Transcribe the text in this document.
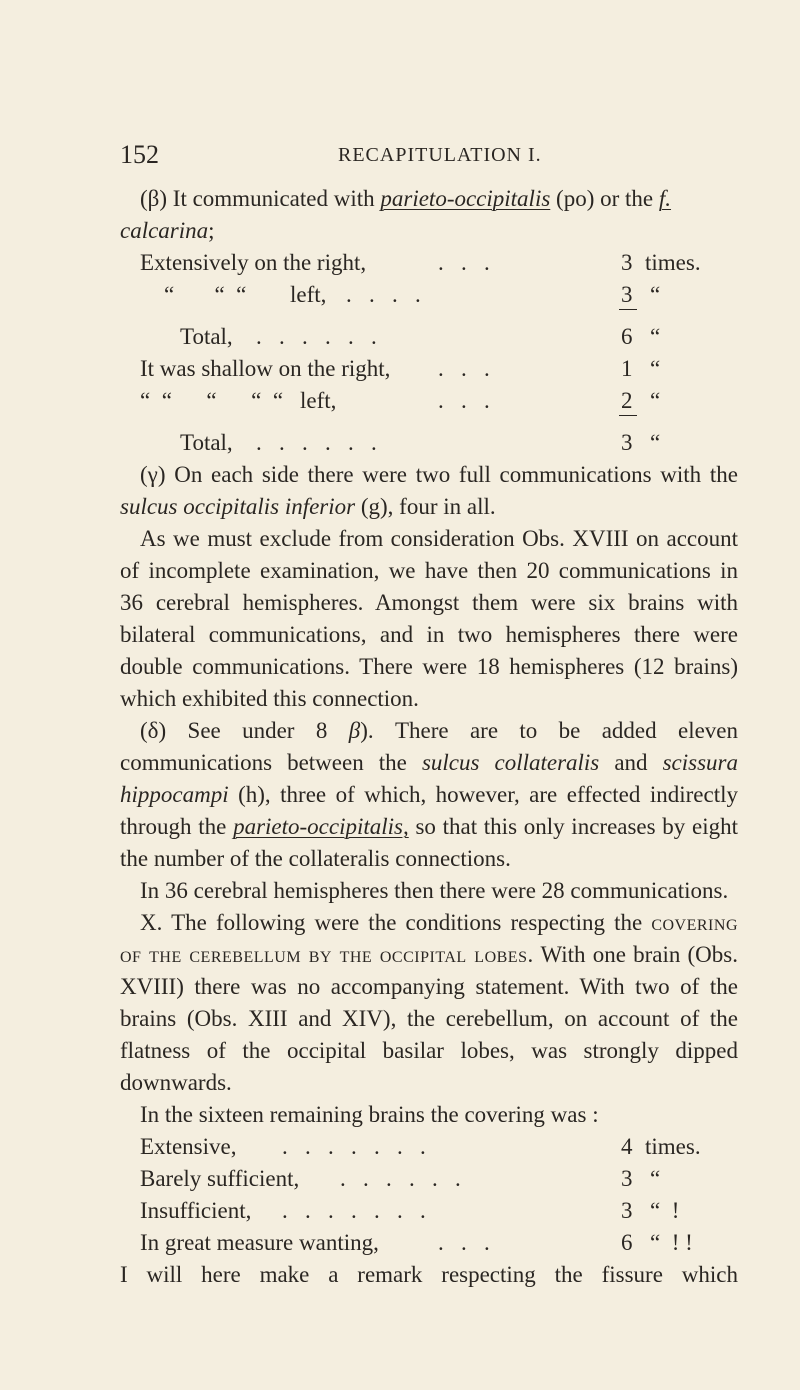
152	RECAPITULATION I.

(β) It communicated with parieto-occipitalis (po) or the f.
calcarina;

Extensively on the right,	.   .   .	3 times.
“       “  “ left, .   .   .   .	3 “
Total, .   .   .   .   .   .	6 “
It was shallow on the right, .   .   .	1 “
“  “      “      “  “ left,	.   .   .	2 “
Total, .   .   .   .   .   .	3 “

(γ) On each side there were two full communications with the sulcus occipitalis inferior (g), four in all.

As we must exclude from consideration Obs. XVIII on account of incomplete examination, we have then 20 communications in 36 cerebral hemispheres. Amongst them were six brains with bilateral communications, and in two hemispheres there were double communications. There were 18 hemispheres (12 brains) which exhibited this connection.

(δ) See under 8 β). There are to be added eleven communications between the sulcus collateralis and scissura hippocampi (h), three of which, however, are effected indirectly through the parieto-occipitalis, so that this only increases by eight the number of the collateralis connections.

In 36 cerebral hemispheres then there were 28 communications.

X. The following were the conditions respecting the covering of the cerebellum by the occipital lobes. With one brain (Obs. XVIII) there was no accompanying statement. With two of the brains (Obs. XIII and XIV), the cerebellum, on account of the flatness of the occipital basilar lobes, was strongly dipped downwards.

In the sixteen remaining brains the covering was :

Extensive, .   .   .   .   .   .   .	4 times.
Barely sufficient, .   .   .   .   .   .	3 “
Insufficient, .   .   .   .   .   .   .	3 “  !
In great measure wanting,	.   .   .	6 “  ! !

I will here make a remark respecting the fissure which
